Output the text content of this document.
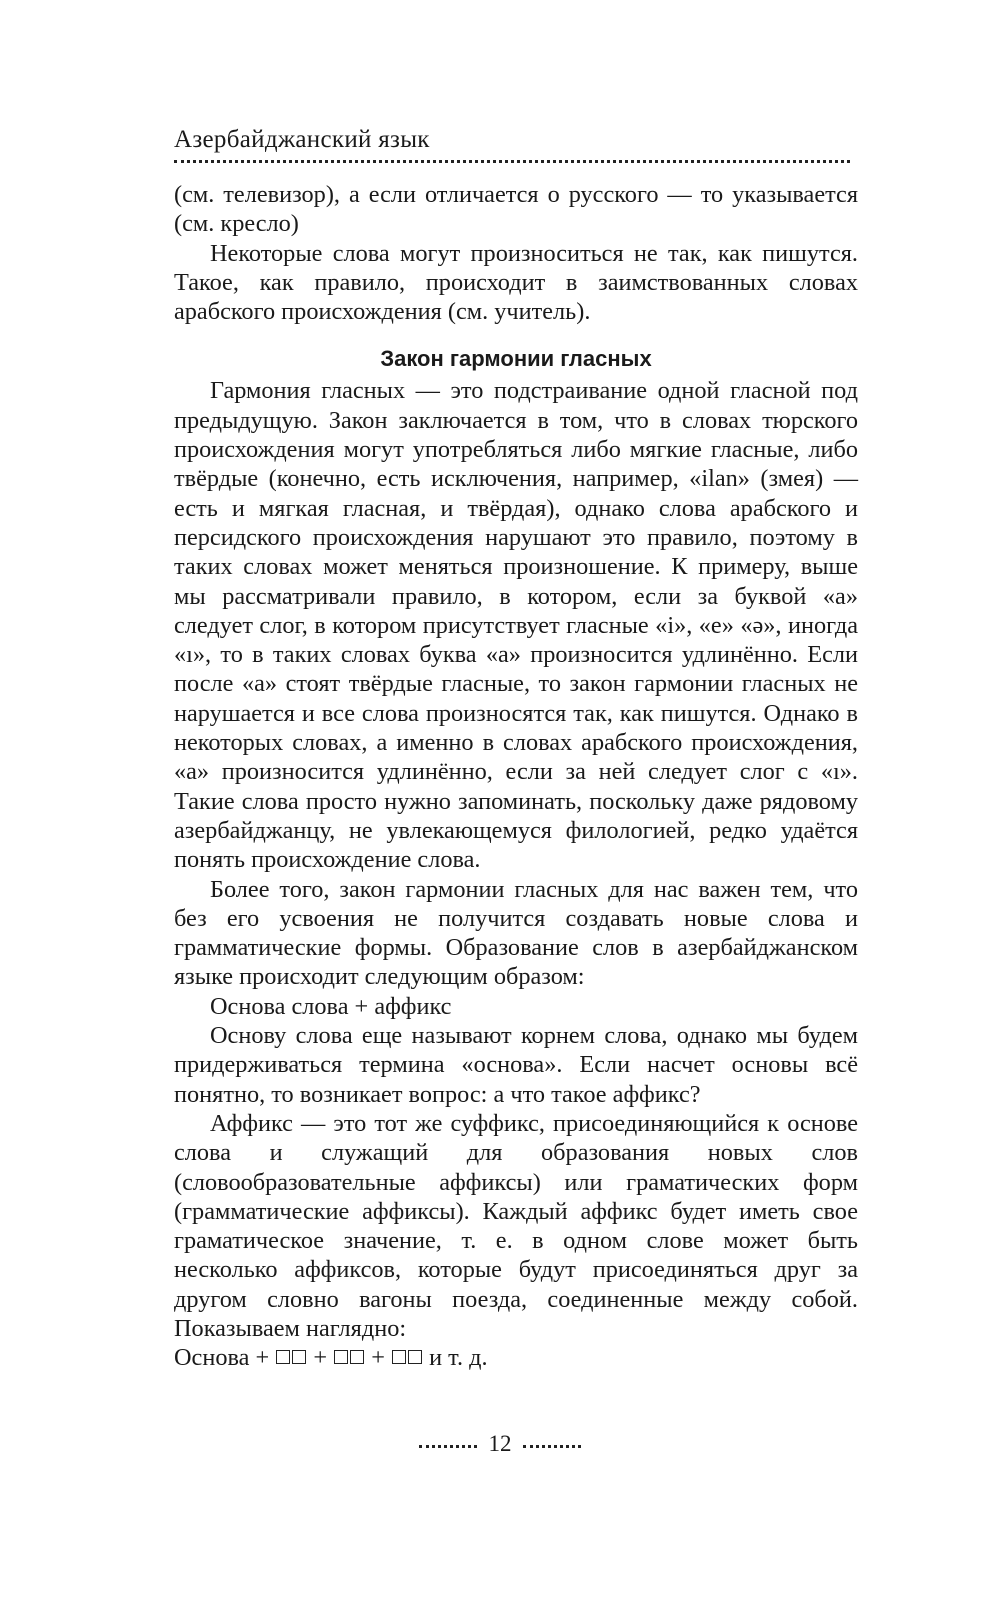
Азербайджанский язык

(см. телевизор), а если отличается о русского — то указывается (см. кресло)

Некоторые слова могут произноситься не так, как пишутся. Такое, как правило, происходит в заимствованных словах арабского происхождения (см. учитель).

Закон гармонии гласных

Гармония гласных — это подстраивание одной гласной под предыдущую. Закон заключается в том, что в словах тюрского происхождения могут употребляться либо мягкие гласные, либо твёрдые (конечно, есть исключения, например, «ilan» (змея) — есть и мягкая гласная, и твёрдая), однако слова арабского и персидского происхождения нарушают это правило, поэтому в таких словах может меняться произношение. К примеру, выше мы рассматривали правило, в котором, если за буквой «a» следует слог, в котором присутствует гласные «i», «e» «ə», иногда «ı», то в таких словах буква «a» произносится удлинённо. Если после «a» стоят твёрдые гласные, то закон гармонии гласных не нарушается и все слова произносятся так, как пишутся. Однако в некоторых словах, а именно в словах арабского происхождения, «a» произносится удлинённо, если за ней следует слог с «ı». Такие слова просто нужно запоминать, поскольку даже рядовому азербайджанцу, не увлекающемуся филологией, редко удаётся понять происхождение слова.

Более того, закон гармонии гласных для нас важен тем, что без его усвоения не получится создавать новые слова и грамматические формы. Образование слов в азербайджанском языке происходит следующим образом:

Основа слова + аффикс

Основу слова еще называют корнем слова, однако мы будем придерживаться термина «основа». Если насчет основы всё понятно, то возникает вопрос: а что такое аффикс?

Аффикс — это тот же суффикс, присоединяющийся к основе слова и служащий для образования новых слов (словообразовательные аффиксы) или граматических форм (грамматические аффиксы). Каждый аффикс будет иметь свое граматическое значение, т. е. в одном слове может быть несколько аффиксов, которые будут присоединяться друг за другом словно вагоны поезда, соединенные между собой. Показываем наглядно:

Основа + + + и т. д.

12
